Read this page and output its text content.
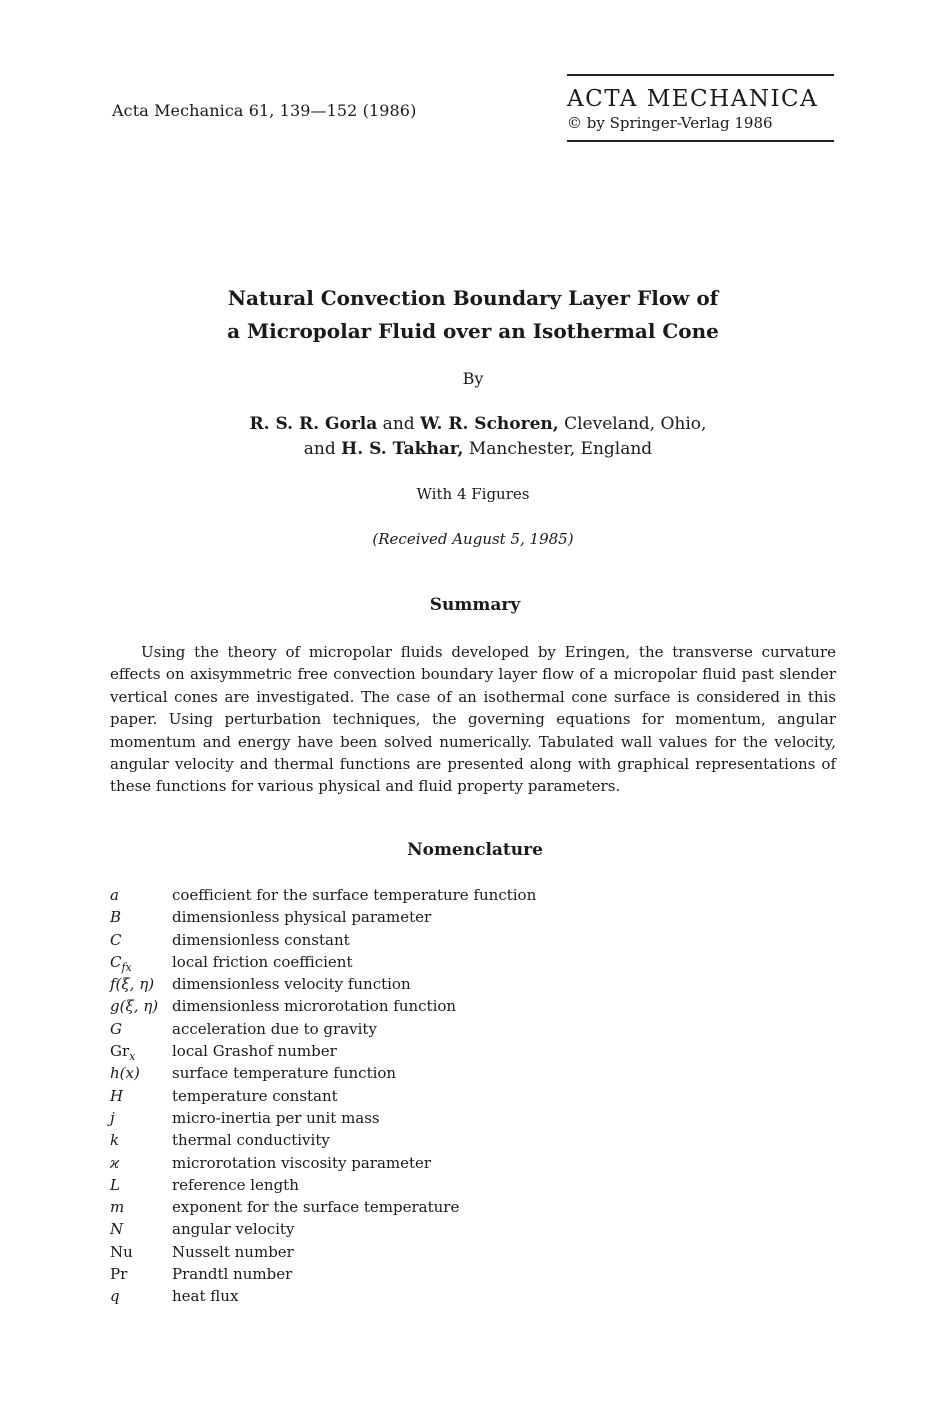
Acta Mechanica 61, 139—152 (1986)	ACTA MECHANICA
© by Springer-Verlag 1986
Natural Convection Boundary Layer Flow of
a Micropolar Fluid over an Isothermal Cone
By
R. S. R. Gorla and W. R. Schoren, Cleveland, Ohio,
and H. S. Takhar, Manchester, England
With 4 Figures
(Received August 5, 1985)
Summary

Using the theory of micropolar fluids developed by Eringen, the transverse curvature effects on axisymmetric free convection boundary layer flow of a micropolar fluid past slender vertical cones are investigated. The case of an isothermal cone surface is considered in this paper. Using perturbation techniques, the governing equations for momentum, angular momentum and energy have been solved numerically. Tabulated wall values for the velocity, angular velocity and thermal functions are presented along with graphical representations of these functions for various physical and fluid property parameters.

Nomenclature
a	coefficient for the surface temperature function
B	dimensionless physical parameter
C	dimensionless constant
$C_{fx}$	local friction coefficient
f(ξ, η)	dimensionless velocity function
g(ξ, η) dimensionless microrotation function
G	acceleration due to gravity
$Gr_x$	local Grashof number
h(x)	surface temperature function
H	temperature constant
j	micro-inertia per unit mass
k	thermal conductivity
ϰ	microrotation viscosity parameter
L	reference length
m	exponent for the surface temperature
N	angular velocity
Nu	Nusselt number
Pr	Prandtl number
q	heat flux
